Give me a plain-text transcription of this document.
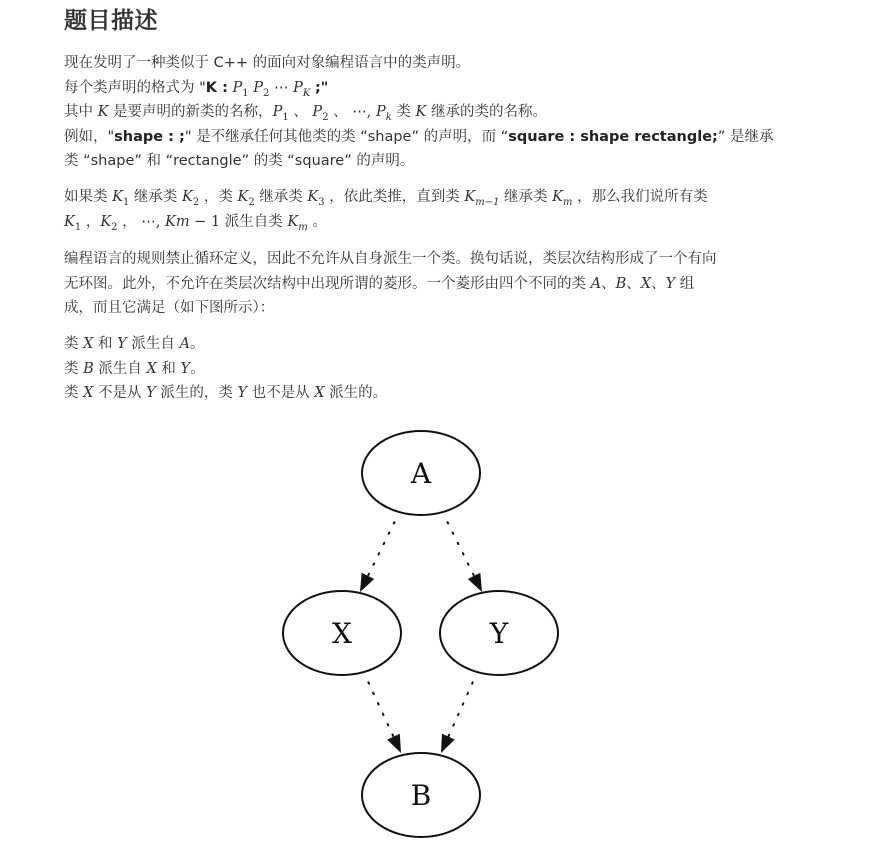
题目描述
现在发明了一种类似于 C++ 的面向对象编程语言中的类声明。
每个类声明的格式为 "K : $P_1$ $P_2$ ⋯ $P_K$ ;"
其中 K 是要声明的新类的名称，$P_1$ 、 $P_2$ 、 ⋯, $P_k$ 类 K 继承的类的名称。
例如，"shape : ;" 是不继承任何其他类的类 “shape” 的声明，而 “square : shape rectangle;” 是继承
类 “shape” 和 “rectangle” 的类 “square” 的声明。
如果类 $K_1$ 继承类 $K_2$ ，类 $K_2$ 继承类 $K_3$ ，依此类推，直到类 $K_{m-1}$ 继承类 $K_m$ ，那么我们说所有类
$K_1$ ，$K_2$ ， ⋯, Km − 1 派生自类 $K_m$ 。
编程语言的规则禁止循环定义，因此不允许从自身派生一个类。换句话说，类层次结构形成了一个有向
无环图。此外，不允许在类层次结构中出现所谓的菱形。一个菱形由四个不同的类 A、B、X、Y 组
成，而且它满足（如下图所示）：
类 X 和 Y 派生自 A。
类 B 派生自 X 和 Y。
类 X 不是从 Y 派生的，类 Y 也不是从 X 派生的。
A
X	Y
B
